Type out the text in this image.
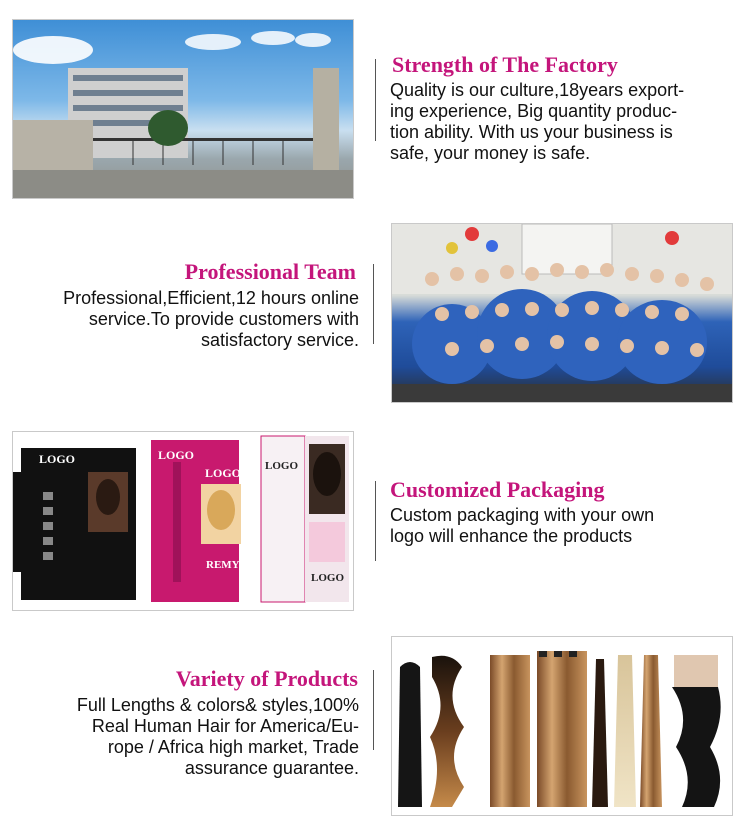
Strength of The Factory
Quality is our culture,18years export-
ing experience, Big quantity produc-
tion ability. With us your business is
safe, your money is safe.
Professional Team
Professional,Efficient,12 hours online
service.To provide customers with
satisfactory service.
LOGO	LOGO
LOGO
REMY
LOGO
LOGO
Customized Packaging
Custom packaging with your own
logo will enhance the products
Variety of Products
Full Lengths & colors& styles,100%
Real Human Hair for America/Eu-
rope / Africa high market, Trade
assurance guarantee.
